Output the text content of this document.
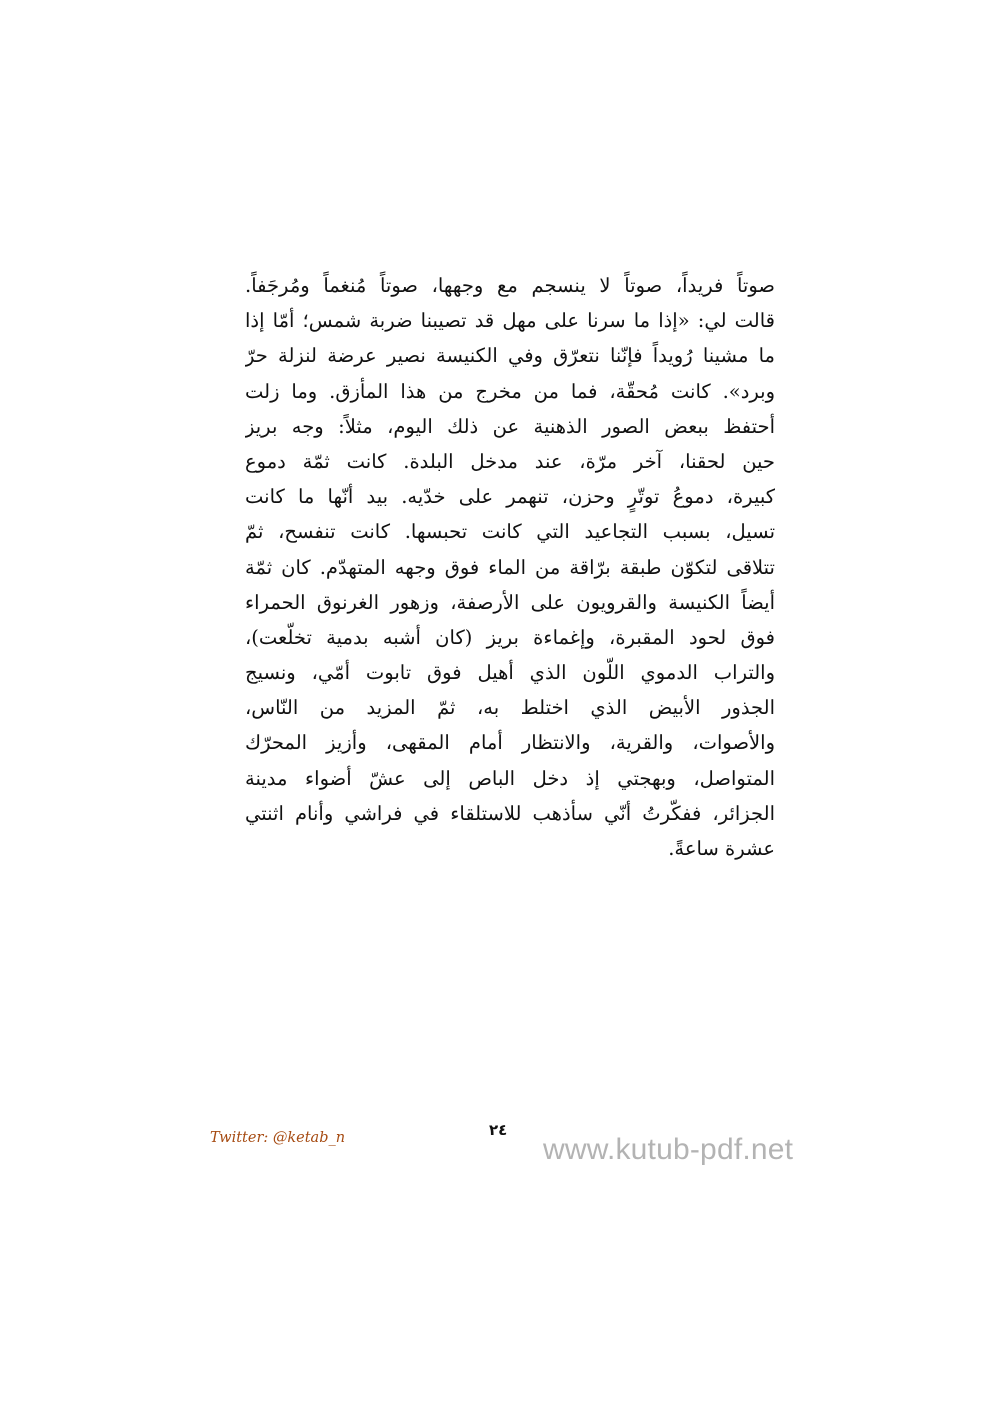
صوتاً فريداً، صوتاً لا ينسجم مع وجهها، صوتاً مُنغماً ومُرجَفاً.
قالت لي: «إذا ما سرنا على مهل قد تصيبنا ضربة شمس؛ أمّا إذا
ما مشينا رُويداً فإنّنا نتعرّق وفي الكنيسة نصير عرضة لنزلة حرّ
وبرد». كانت مُحقّة، فما من مخرج من هذا المأزق. وما زلت
أحتفظ ببعض الصور الذهنية عن ذلك اليوم، مثلاً: وجه بريز
حين لحقنا، آخر مرّة، عند مدخل البلدة. كانت ثمّة دموع
كبيرة، دموعُ توتّرٍ وحزن، تنهمر على خدّيه. بيد أنّها ما كانت
تسيل، بسبب التجاعيد التي كانت تحبسها. كانت تنفسح، ثمّ
تتلاقى لتكوّن طبقة برّاقة من الماء فوق وجهه المتهدّم. كان ثمّة
أيضاً الكنيسة والقرويون على الأرصفة، وزهور الغرنوق الحمراء
فوق لحود المقبرة، وإغماءة بريز (كان أشبه بدمية تخلّعت)،
والتراب الدموي اللّون الذي أهيل فوق تابوت أمّي، ونسيج
الجذور الأبيض الذي اختلط به، ثمّ المزيد من النّاس،
والأصوات، والقرية، والانتظار أمام المقهى، وأزيز المحرّك
المتواصل، وبهجتي إذ دخل الباص إلى عشّ أضواء مدينة
الجزائر، ففكّرتُ أنّي سأذهب للاستلقاء في فراشي وأنام اثنتي
عشرة ساعةً.
Twitter: @ketab_n	٢٤
www.kutub-pdf.net
